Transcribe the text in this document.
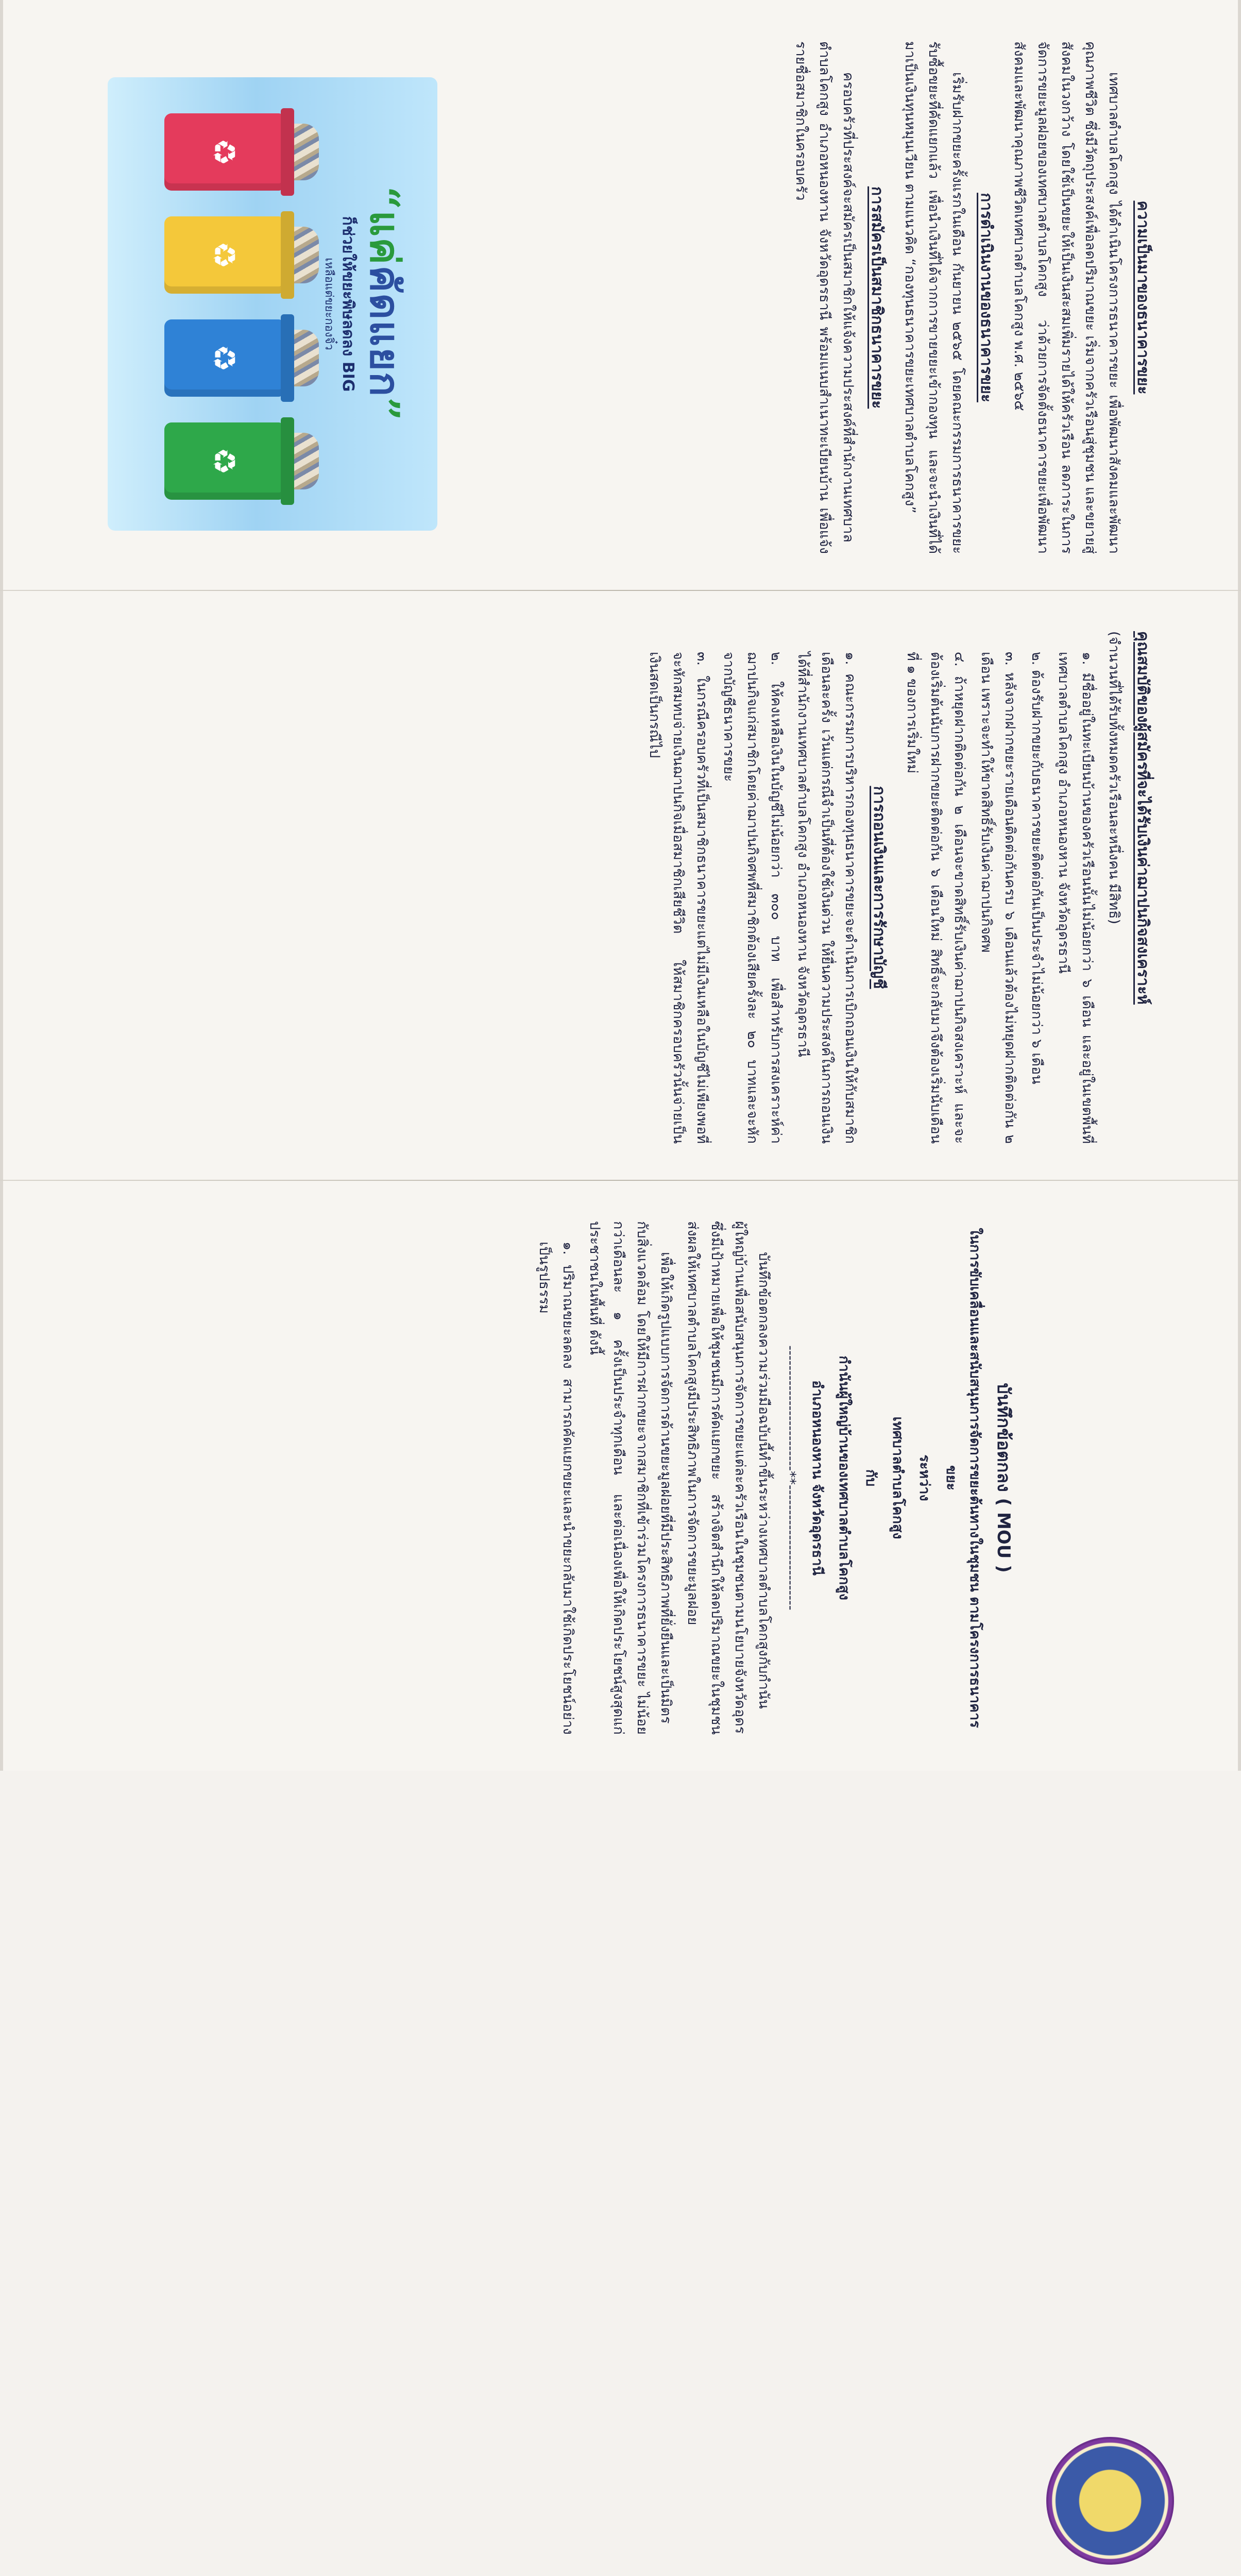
ความเป็นมาของธนาคารขยะ

เทศบาลตำบลโคกสูง ได้ดำเนินโครงการธนาคารขยะ เพื่อพัฒนาสังคมและพัฒนาคุณภาพชีวิต ซึ่งมีวัตถุประสงค์เพื่อลดปริมาณขยะ เริ่มจากครัวเรือนสู่ชุมชน และขยายสู่สังคมในวงกว้าง โดยใช้เป็นขยะให้เป็นเงินสะสมเพิ่มรายได้ให้ครัวเรือน ลดภาระในการจัดการขยะมูลฝอยของเทศบาลตำบลโคกสูง ว่าด้วยการจัดตั้งธนาคารขยะเพื่อพัฒนาสังคมและพัฒนาคุณภาพชีวิตเทศบาลตำบลโคกสูง พ.ศ. ๒๕๖๕

การดำเนินงานของธนาคารขยะ

เริ่มรับฝากขยะครั้งแรกในเดือน กันยายน ๒๕๖๕ โดยคณะกรรมการธนาคารขยะรับซื้อขยะที่คัดแยกแล้ว เพื่อนำเงินที่ได้จากการขายขยะเข้ากองทุน และจะนำเงินที่ได้มาเป็นเงินทุนหมุนเวียน ตามแนวคิด “กองทุนธนาคารขยะเทศบาลตำบลโคกสูง”

การสมัครเป็นสมาชิกธนาคารขยะ

ครอบครัวที่ประสงค์จะสมัครเป็นสมาชิกให้แจ้งความประสงค์ที่สำนักงานเทศบาลตำบลโคกสูง อำเภอหนองหาน จังหวัดอุดรธานี พร้อมแนบสำเนาทะเบียนบ้าน เพื่อแจ้งรายชื่อสมาชิกในครอบครัว

“แค่คัดแยก”
ก็ช่วยให้ขยะพิษลดลง BIG
เหลือแต่ขยะกองจิ๋ว
♻
♻
♻
♻
คุณสมบัติของผู้สมัครที่จะได้รับเงินค่าฌาปนกิจสงเคราะห์

(จำนวนที่ได้รับทั้งหมดครัวเรือนละหนึ่งคน มีสิทธิ)

๑. มีชื่ออยู่ในทะเบียนบ้านของครัวเรือนนั้นไม่น้อยกว่า ๖ เดือน และอยู่ในเขตพื้นที่เทศบาลตำบลโคกสูง อำเภอหนองหาน จังหวัดอุดรธานี

๒. ต้องรับฝากขยะกับธนาคารขยะติดต่อกันเป็นประจำไม่น้อยกว่า ๖ เดือน

๓. หลังจากฝากขยะรายเดือนติดต่อกันครบ ๖ เดือนแล้วต้องไม่หยุดฝากติดต่อกัน ๒ เดือน เพราะจะทำให้ขาดสิทธิ์รับเงินค่าฌาปนกิจศพ

๔. ถ้าหยุดฝากติดต่อกัน ๒ เดือนจะขาดสิทธิ์รับเงินค่าฌาปนกิจสงเคราะห์ และจะต้องเริ่มต้นนับการฝากขยะติดต่อกัน ๖ เดือนใหม่ สิทธิ์จะกลับมาจึงต้องเริ่มนับเดือนที่ ๑ ของการเริ่มใหม่

การถอนเงินและการรักษาบัญชี

๑. คณะกรรมการบริหารกองทุนธนาคารขยะจะดำเนินการเบิกถอนเงินให้กับสมาชิกเดือนละครั้ง เว้นแต่กรณีจำเป็นที่ต้องใช้เงินด่วน ให้ยื่นความประสงค์ในการถอนเงินได้ที่สำนักงานเทศบาลตำบลโคกสูง อำเภอหนองหาน จังหวัดอุดรธานี

๒. ให้คงเหลือเงินในบัญชีไม่น้อยกว่า ๓๐๐ บาท เพื่อสำหรับการสงเคราะห์ค่าฌาปนกิจแก่สมาชิกโดยค่าฌาปนกิจศพที่สมาชิกต้องเสียครั้งละ ๒๐ บาทและจะหักจากบัญชีธนาคารขยะ

๓. ในกรณีครอบครัวที่เป็นสมาชิกธนาคารขยะแต่ไม่มีเงินเหลือในบัญชีไม่เพียงพอที่จะหักสมทบจ่ายเงินฌาปนกิจเมื่อสมาชิกเสียชีวิต ให้สมาชิกครอบครัวนั้นจ่ายเป็นเงินสดเป็นกรณีไป

บันทึกข้อตกลง ( MOU )

ในการขับเคลื่อนและสนับสนุนการจัดการขยะต้นทางในชุมชน ตามโครงการธนาคารขยะ

ระหว่าง

เทศบาลตำบลโคกสูง

กับ

กำนันผู้ใหญ่บ้านของเทศบาลตำบลโคกสูง

อำเภอหนองหาน จังหวัดอุดรธานี

-------------------------**-------------------------

บันทึกข้อตกลงความร่วมมือฉบับนี้ทำขึ้นระหว่างเทศบาลตำบลโคกสูงกับกำนันผู้ใหญ่บ้านเพื่อสนับสนุนการจัดการขยะแต่ละครัวเรือนในชุมชนตามนโยบายจังหวัดอุดร ซึ่งมีเป้าหมายเพื่อให้ชุมชนมีการคัดแยกขยะ สร้างจิตสำนึกให้ลดปริมาณขยะในชุมชนส่งผลให้เทศบาลตำบลโคกสูงมีประสิทธิภาพในการจัดการขยะมูลฝอย

เพื่อให้เกิดรูปแบบการจัดการด้านขยะมูลฝอยที่มีประสิทธิภาพที่ยั่งยืนและเป็นมิตรกับสิ่งแวดล้อม โดยให้มีการฝากขยะจากสมาชิกที่เข้าร่วมโครงการธนาคารขยะ ไม่น้อยกว่าเดือนละ ๑ ครั้งเป็นประจำทุกเดือน และต่อเนื่องเพื่อให้เกิดประโยชน์สูงสุดแก่ประชาชนในพื้นที่ ดังนี้

๑. ปริมาณขยะลดลง สามารถคัดแยกขยะและนำขยะกลับมาใช้เกิดประโยชน์อย่างเป็นรูปธรรม
